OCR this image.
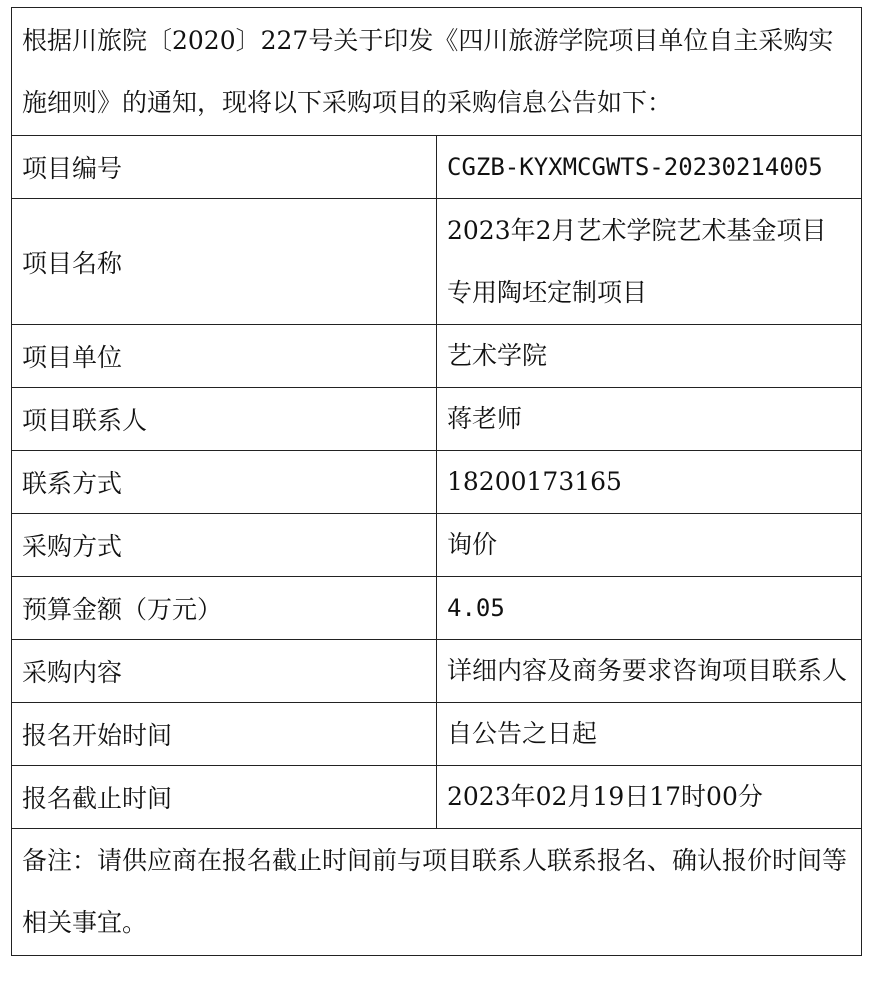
根据川旅院〔2020〕227号关于印发《四川旅游学院项目单位自主采购实施细则》的通知，现将以下采购项目的采购信息公告如下：	
项目编号	CGZB-KYXMCGWTS-20230214005
项目名称	2023年2月艺术学院艺术基金项目专用陶坯定制项目
项目单位	艺术学院
项目联系人	蒋老师
联系方式	18200173165
采购方式	询价
预算金额（万元）	4.05
采购内容	详细内容及商务要求咨询项目联系人
报名开始时间	自公告之日起
报名截止时间	2023年02月19日17时00分
备注：请供应商在报名截止时间前与项目联系人联系报名、确认报价时间等相关事宜。	
